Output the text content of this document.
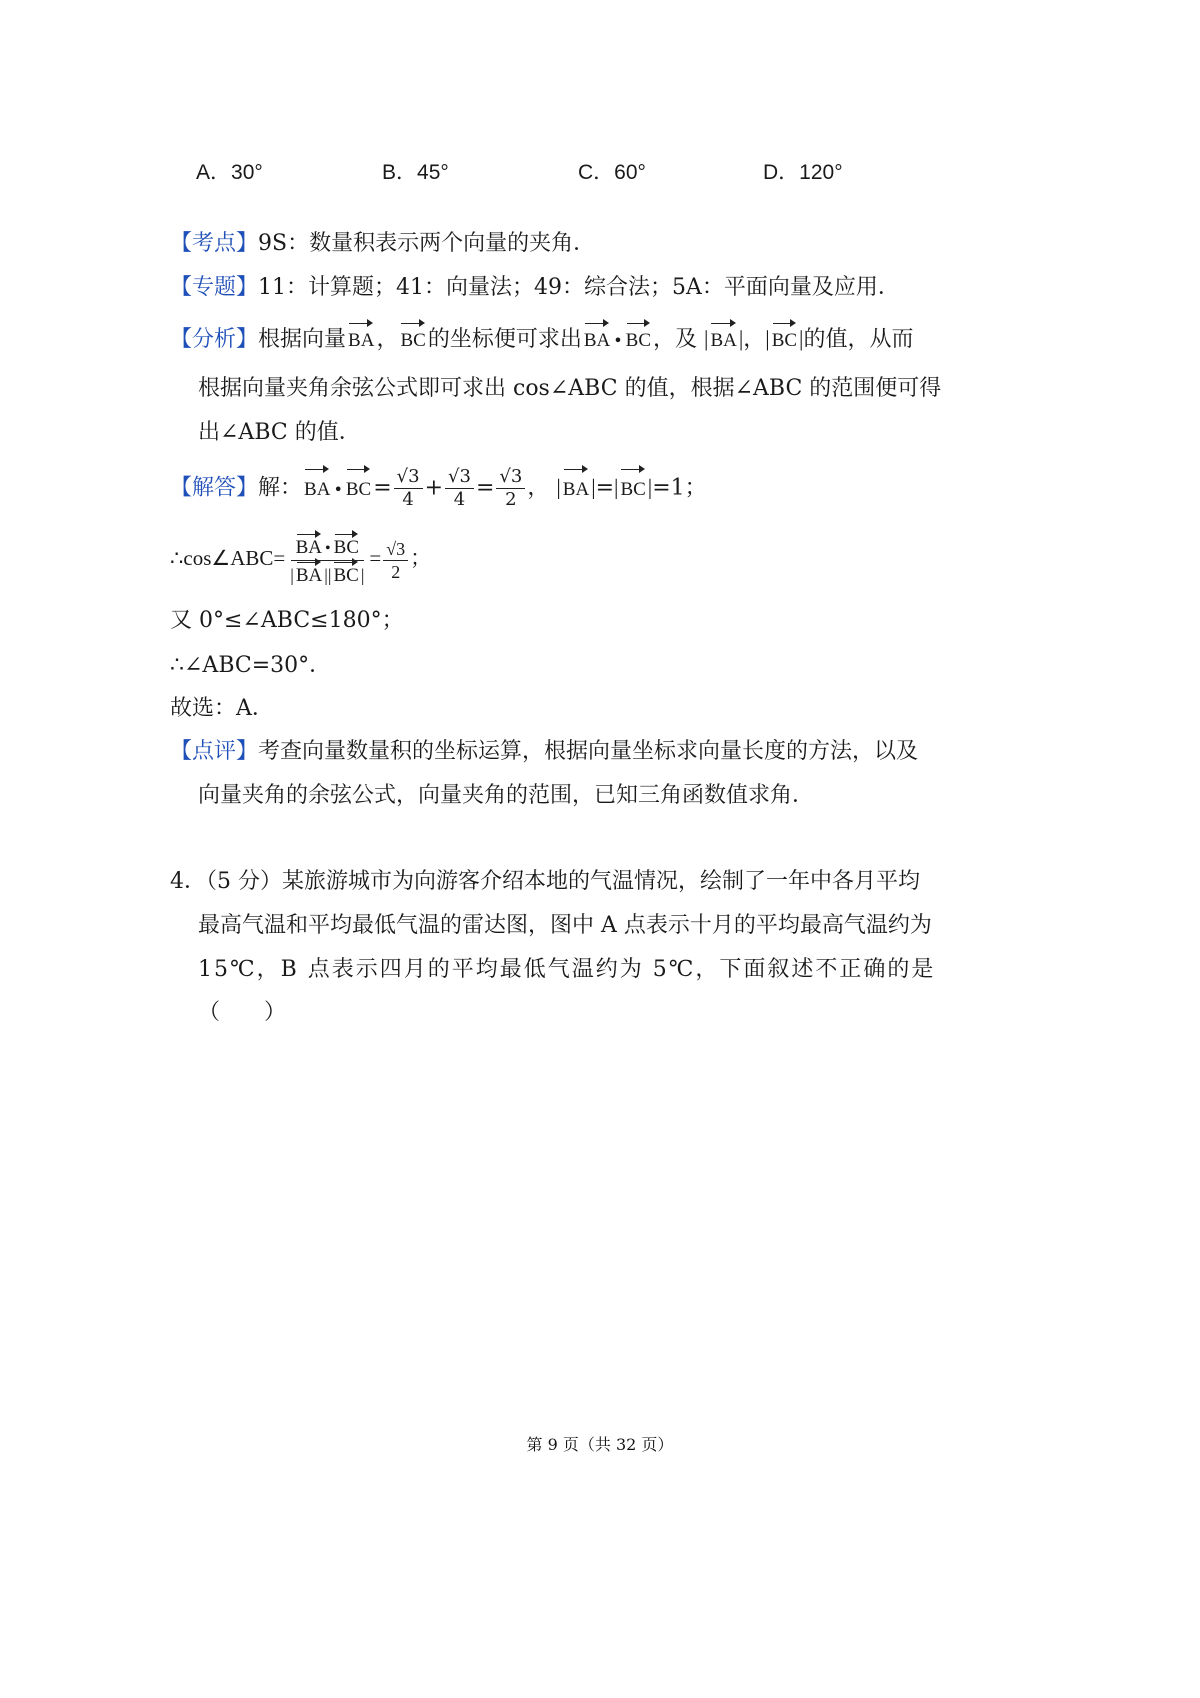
A．30°	B．45°	C．60°	D．120°
【考点】9S：数量积表示两个向量的夹角．
【专题】11：计算题；41：向量法；49：综合法；5A：平面向量及应用．
【分析】根据向量 BA， BC的坐标便可求出 BA • BC，及 | BA|，| BC|的值，从而
根据向量夹角余弦公式即可求出 cos∠ABC 的值，根据∠ABC 的范围便可得
出∠ABC 的值．
【解答】解： BA • $BC= \frac{√3}{4} + \frac{√3}{4} = \frac{√3}{2}$ ， | BA|=| BC|=1；
∴cos∠ABC= $\frac{BA • BC}{| BA || BC |} = \frac{√3}{2}$ ；
又 0°≤∠ABC≤180°；
∴∠ABC=30°．
故选：A．
【点评】考查向量数量积的坐标运算，根据向量坐标求向量长度的方法，以及
向量夹角的余弦公式，向量夹角的范围，已知三角函数值求角．
4．（5 分）某旅游城市为向游客介绍本地的气温情况，绘制了一年中各月平均
最高气温和平均最低气温的雷达图，图中 A 点表示十月的平均最高气温约为
15℃，B 点表示四月的平均最低气温约为 5℃，下面叙述不正确的是
（　　）
第 9 页（共 32 页）
